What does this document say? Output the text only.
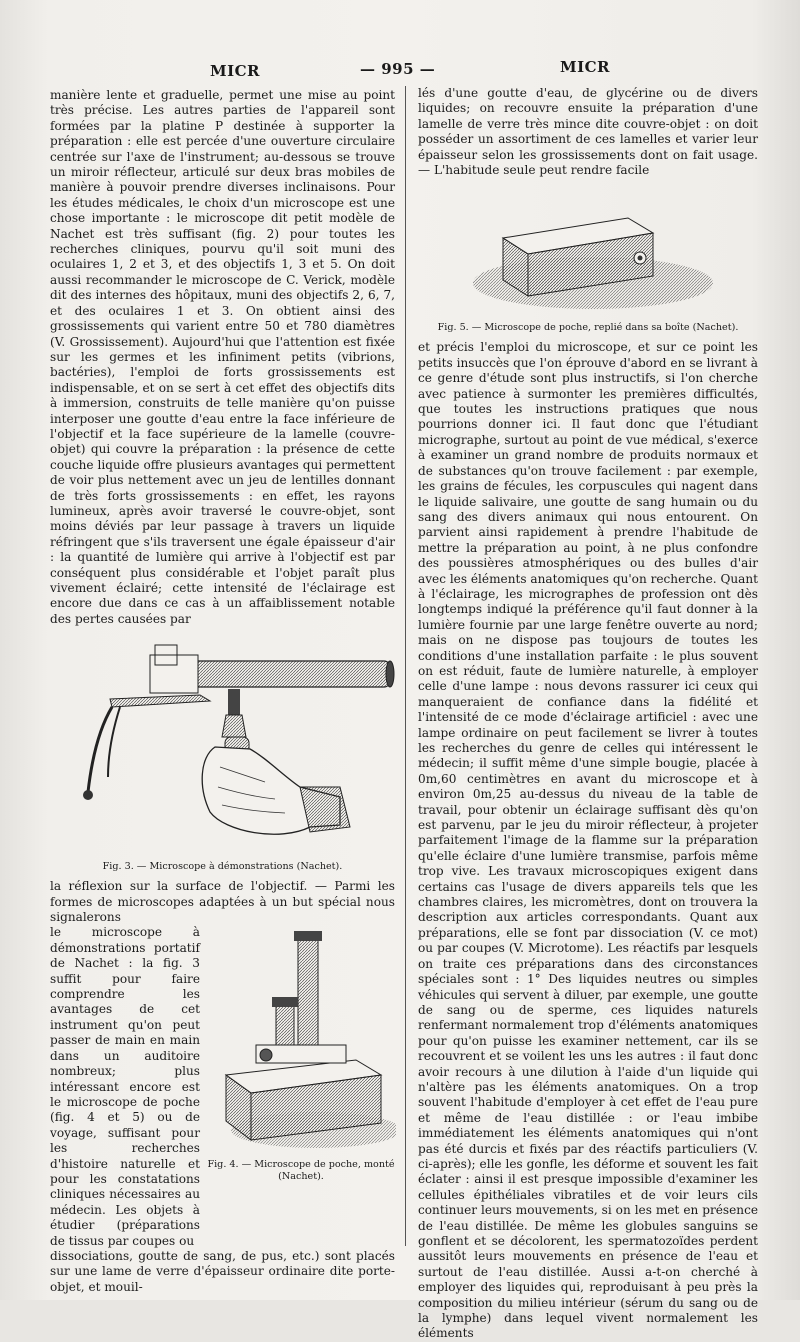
MICR	— 995 —	MICR

manière lente et graduelle, permet une mise au point très précise. Les autres parties de l'appareil sont formées par la platine P destinée à supporter la préparation : elle est percée d'une ouverture circulaire centrée sur l'axe de l'instrument; au-dessous se trouve un miroir réflecteur, articulé sur deux bras mobiles de manière à pouvoir prendre diverses inclinaisons. Pour les études médicales, le choix d'un microscope est une chose importante : le microscope dit petit modèle de Nachet est très suffisant (fig. 2) pour toutes les recherches cliniques, pourvu qu'il soit muni des oculaires 1, 2 et 3, et des objectifs 1, 3 et 5. On doit aussi recommander le microscope de C. Verick, modèle dit des internes des hôpitaux, muni des objectifs 2, 6, 7, et des oculaires 1 et 3. On obtient ainsi des grossissements qui varient entre 50 et 780 diamètres (V. Grossissement). Aujourd'hui que l'attention est fixée sur les germes et les infiniment petits (vibrions, bactéries), l'emploi de forts grossissements est indispensable, et on se sert à cet effet des objectifs dits à immersion, construits de telle manière qu'on puisse interposer une goutte d'eau entre la face inférieure de l'objectif et la face supérieure de la lamelle (couvre-objet) qui couvre la préparation : la présence de cette couche liquide offre plusieurs avantages qui permettent de voir plus nettement avec un jeu de lentilles donnant de très forts grossissements : en effet, les rayons lumineux, après avoir traversé le couvre-objet, sont moins déviés par leur passage à travers un liquide réfringent que s'ils traversent une égale épaisseur d'air : la quantité de lumière qui arrive à l'objectif est par conséquent plus considérable et l'objet paraît plus vivement éclairé; cette intensité de l'éclairage est encore due dans ce cas à un affaiblissement notable des pertes causées par

Fig. 3. — Microscope à démonstrations (Nachet).

la réflexion sur la surface de l'objectif. — Parmi les formes de microscopes adaptées à un but spécial nous signalerons

le microscope à démonstrations portatif de Nachet : la fig. 3 suffit pour faire comprendre les avantages de cet instrument qu'on peut passer de main en main dans un auditoire nombreux; plus intéressant encore est le microscope de poche (fig. 4 et 5) ou de voyage, suffisant pour les recherches d'histoire naturelle et pour les constatations cliniques nécessaires au médecin. Les objets à étudier (préparations de tissus par coupes ou

Fig. 4. — Microscope de poche, monté (Nachet).

dissociations, goutte de sang, de pus, etc.) sont placés sur une lame de verre d'épaisseur ordinaire dite porte-objet, et mouil-

lés d'une goutte d'eau, de glycérine ou de divers liquides; on recouvre ensuite la préparation d'une lamelle de verre très mince dite couvre-objet : on doit posséder un assortiment de ces lamelles et varier leur épaisseur selon les grossissements dont on fait usage. — L'habitude seule peut rendre facile

Fig. 5. — Microscope de poche, replié dans sa boîte (Nachet).

et précis l'emploi du microscope, et sur ce point les petits insuccès que l'on éprouve d'abord en se livrant à ce genre d'étude sont plus instructifs, si l'on cherche avec patience à surmonter les premières difficultés, que toutes les instructions pratiques que nous pourrions donner ici. Il faut donc que l'étudiant micrographe, surtout au point de vue médical, s'exerce à examiner un grand nombre de produits normaux et de substances qu'on trouve facilement : par exemple, les grains de fécules, les corpuscules qui nagent dans le liquide salivaire, une goutte de sang humain ou du sang des divers animaux qui nous entourent. On parvient ainsi rapidement à prendre l'habitude de mettre la préparation au point, à ne plus confondre des poussières atmosphériques ou des bulles d'air avec les éléments anatomiques qu'on recherche. Quant à l'éclairage, les micrographes de profession ont dès longtemps indiqué la préférence qu'il faut donner à la lumière fournie par une large fenêtre ouverte au nord; mais on ne dispose pas toujours de toutes les conditions d'une installation parfaite : le plus souvent on est réduit, faute de lumière naturelle, à employer celle d'une lampe : nous devons rassurer ici ceux qui manqueraient de confiance dans la fidélité et l'intensité de ce mode d'éclairage artificiel : avec une lampe ordinaire on peut facilement se livrer à toutes les recherches du genre de celles qui intéressent le médecin; il suffit même d'une simple bougie, placée à 0m,60 centimètres en avant du microscope et à environ 0m,25 au-dessus du niveau de la table de travail, pour obtenir un éclairage suffisant dès qu'on est parvenu, par le jeu du miroir réflecteur, à projeter parfaitement l'image de la flamme sur la préparation qu'elle éclaire d'une lumière transmise, parfois même trop vive. Les travaux microscopiques exigent dans certains cas l'usage de divers appareils tels que les chambres claires, les micromètres, dont on trouvera la description aux articles correspondants. Quant aux préparations, elle se font par dissociation (V. ce mot) ou par coupes (V. Microtome). Les réactifs par lesquels on traite ces préparations dans des circonstances spéciales sont : 1° Des liquides neutres ou simples véhicules qui servent à diluer, par exemple, une goutte de sang ou de sperme, ces liquides naturels renfermant normalement trop d'éléments anatomiques pour qu'on puisse les examiner nettement, car ils se recouvrent et se voilent les uns les autres : il faut donc avoir recours à une dilution à l'aide d'un liquide qui n'altère pas les éléments anatomiques. On a trop souvent l'habitude d'employer à cet effet de l'eau pure et même de l'eau distillée : or l'eau imbibe immédiatement les éléments anatomiques qui n'ont pas été durcis et fixés par des réactifs particuliers (V. ci-après); elle les gonfle, les déforme et souvent les fait éclater : ainsi il est presque impossible d'examiner les cellules épithéliales vibratiles et de voir leurs cils continuer leurs mouvements, si on les met en présence de l'eau distillée. De même les globules sanguins se gonflent et se décolorent, les spermatozoïdes perdent aussitôt leurs mouvements en présence de l'eau et surtout de l'eau distillée. Aussi a-t-on cherché à employer des liquides qui, reproduisant à peu près la composition du milieu intérieur (sérum du sang ou de la lymphe) dans lequel vivent normalement les éléments
